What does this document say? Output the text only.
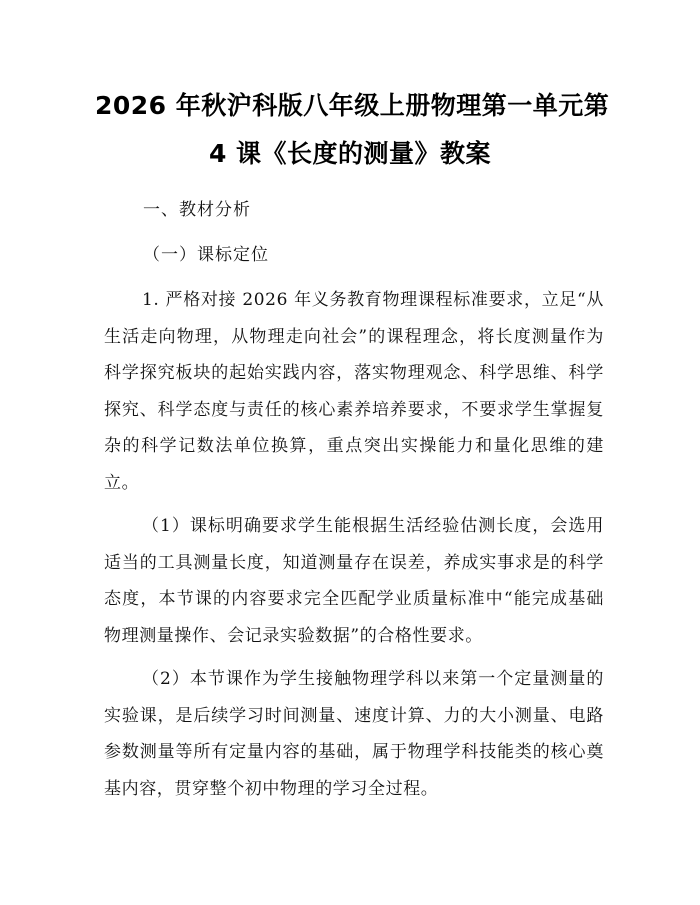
2026 年秋沪科版八年级上册物理第一单元第
4 课《长度的测量》教案
一、教材分析
（一）课标定位

1. 严格对接 2026 年义务教育物理课程标准要求，立足“从生活走向物理，从物理走向社会”的课程理念，将长度测量作为科学探究板块的起始实践内容，落实物理观念、科学思维、科学探究、科学态度与责任的核心素养培养要求，不要求学生掌握复杂的科学记数法单位换算，重点突出实操能力和量化思维的建立。

（1）课标明确要求学生能根据生活经验估测长度，会选用适当的工具测量长度，知道测量存在误差，养成实事求是的科学态度，本节课的内容要求完全匹配学业质量标准中“能完成基础物理测量操作、会记录实验数据”的合格性要求。

（2）本节课作为学生接触物理学科以来第一个定量测量的实验课，是后续学习时间测量、速度计算、力的大小测量、电路参数测量等所有定量内容的基础，属于物理学科技能类的核心奠基内容，贯穿整个初中物理的学习全过程。
